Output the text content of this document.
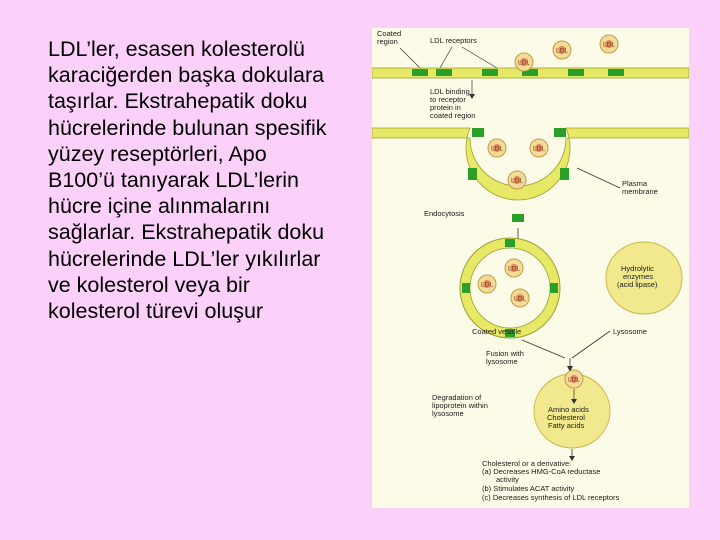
LDL’ler, esasen kolesterolü karaciğerden başka dokulara taşırlar. Ekstrahepatik doku hücrelerinde bulunan spesifik yüzey reseptörleri, Apo B100’ü tanıyarak LDL’lerin hücre içine alınmalarını sağlarlar. Ekstrahepatik doku hücrelerinde LDL’ler yıkılırlar ve kolesterol veya bir kolesterol türevi oluşur
Coated
region	LDL receptors
LDL
LDL
LDL
LDL binding
to receptor
protein in
coated region
LDL	LDL
LDL	Plasma
membrane
Endocytosis
LDL
LDL
LDL
Coated vesicle
Hydrolytic
enzymes
(acid lipase)
Lysosome
Fusion with
lysosome
LDL
Amino acids
Cholesterol
Fatty acids
Degradation of
lipoprotein within
lysosome
Cholesterol or a derivative:
(a) Decreases HMG-CoA reductase
activity
(b) Stimulates ACAT activity
(c) Decreases synthesis of LDL receptors
